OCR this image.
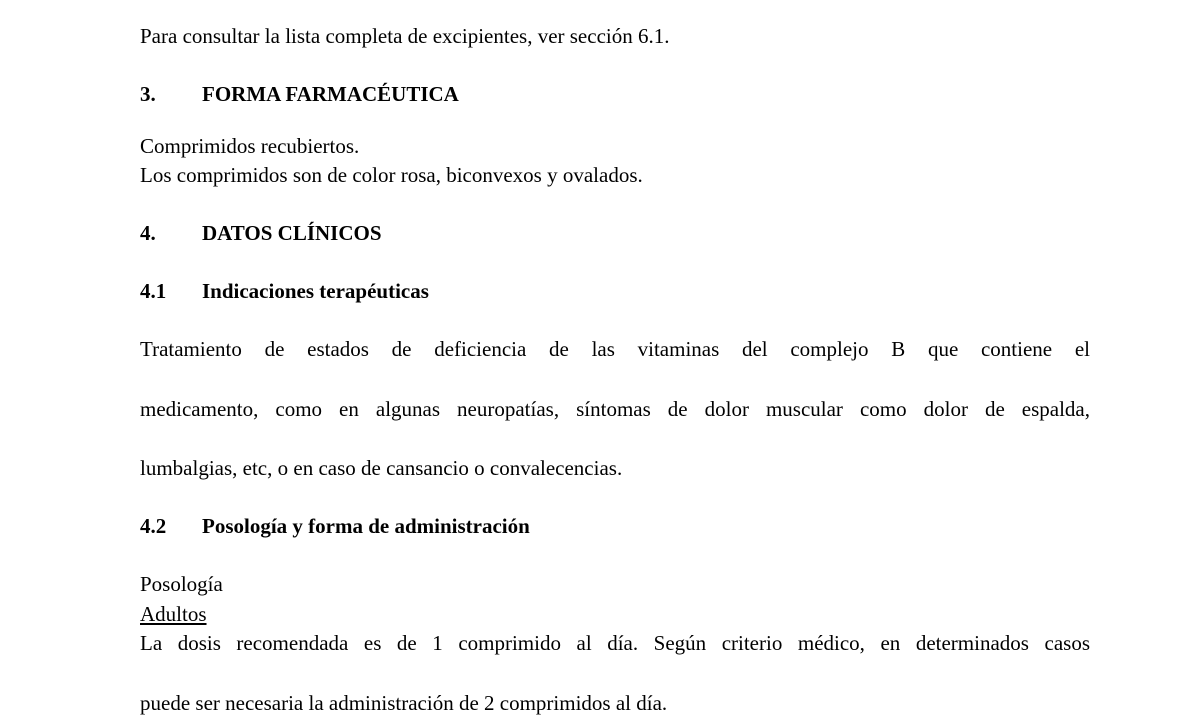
Para consultar la lista completa de excipientes, ver sección 6.1.

3.	FORMA FARMACÉUTICA

Comprimidos recubiertos.

Los comprimidos son de color rosa, biconvexos y ovalados.

4.	DATOS CLÍNICOS
4.1	Indicaciones terapéuticas
Tratamiento de estados de deficiencia de las vitaminas del complejo B que contiene el
medicamento, como en algunas neuropatías, síntomas de dolor muscular como dolor de espalda,
lumbalgias, etc, o en caso de cansancio o convalecencias.
4.2	Posología y forma de administración

Posología

Adultos

La dosis recomendada es de 1 comprimido al día. Según criterio médico, en determinados casos
puede ser necesaria la administración de 2 comprimidos al día.
